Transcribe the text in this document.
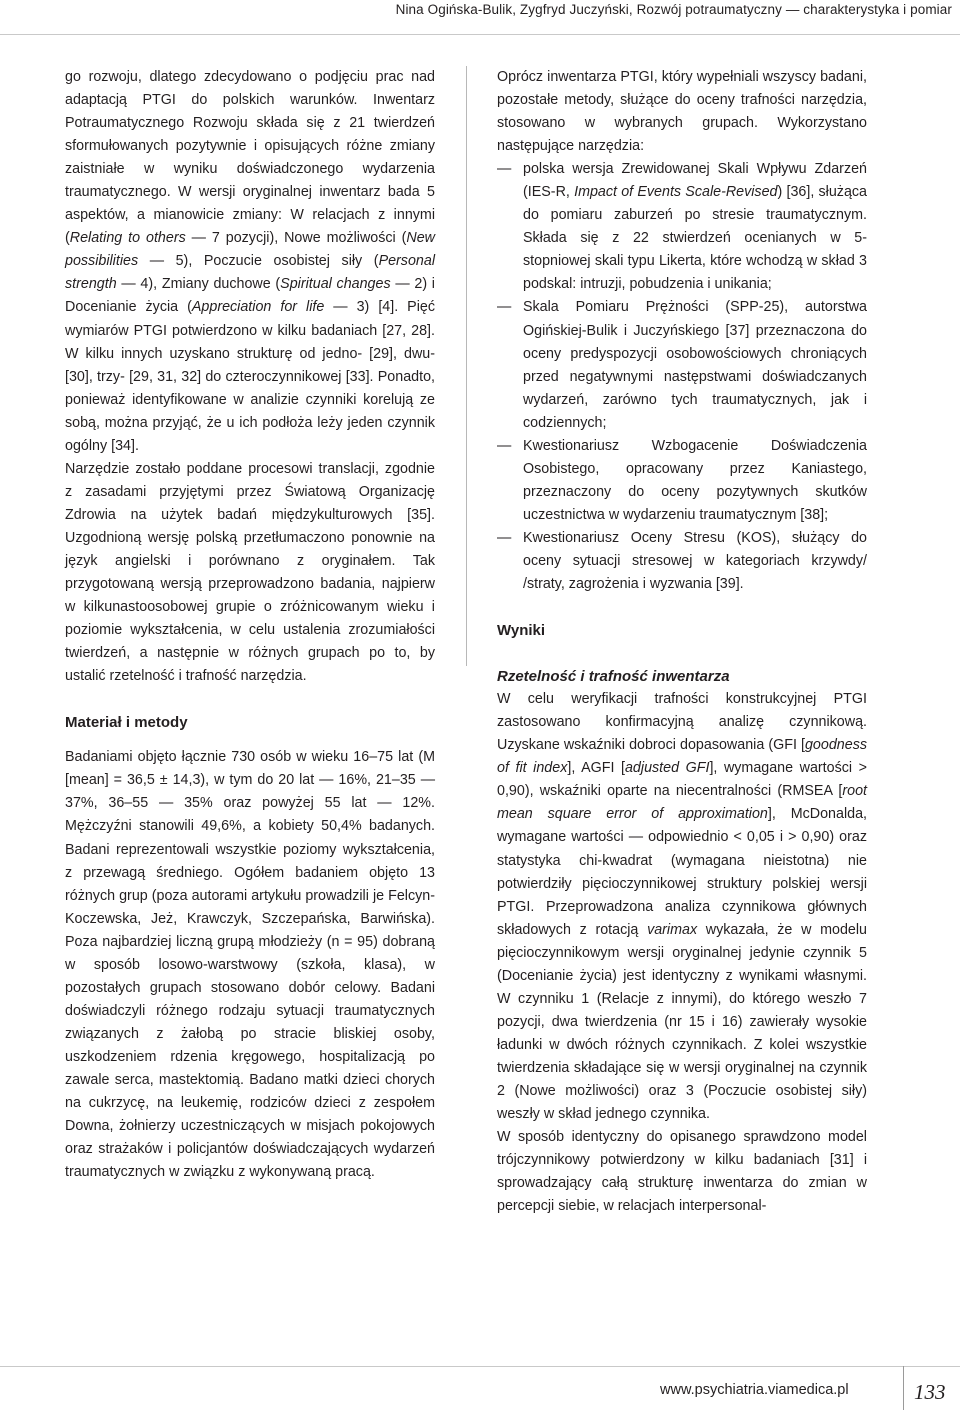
Nina Ogińska-Bulik, Zygfryd Juczyński, Rozwój potraumatyczny — charakterystyka i pomiar

go rozwoju, dlatego zdecydowano o podjęciu prac nad adaptacją PTGI do polskich warunków. Inwentarz Potraumatycznego Rozwoju składa się z 21 twierdzeń sformułowanych pozytywnie i opisujących różne zmiany zaistniałe w wyniku doświadczonego wydarzenia traumatycznego. W wersji oryginalnej inwentarz bada 5 aspektów, a mianowicie zmiany: W relacjach z innymi (Relating to others — 7 pozycji), Nowe możliwości (New possibilities — 5), Poczucie osobistej siły (Personal strength — 4), Zmiany duchowe (Spiritual changes — 2) i Docenianie życia (Appreciation for life — 3) [4]. Pięć wymiarów PTGI potwierdzono w kilku badaniach [27, 28]. W kilku innych uzyskano strukturę od jedno- [29], dwu- [30], trzy- [29, 31, 32] do czteroczynnikowej [33]. Ponadto, ponieważ identyfikowane w analizie czynniki korelują ze sobą, można przyjąć, że u ich podłoża leży jeden czynnik ogólny [34].

Narzędzie zostało poddane procesowi translacji, zgodnie z zasadami przyjętymi przez Światową Organizację Zdrowia na użytek badań międzykulturowych [35]. Uzgodnioną wersję polską przetłumaczono ponownie na język angielski i porównano z oryginałem. Tak przygotowaną wersją przeprowadzono badania, najpierw w kilkunastoosobowej grupie o zróżnicowanym wieku i poziomie wykształcenia, w celu ustalenia zrozumiałości twierdzeń, a następnie w różnych grupach po to, by ustalić rzetelność i trafność narzędzia.

Materiał i metody

Badaniami objęto łącznie 730 osób w wieku 16–75 lat (M [mean] = 36,5 ± 14,3), w tym do 20 lat — 16%, 21–35 — 37%, 36–55 — 35% oraz powyżej 55 lat — 12%. Mężczyźni stanowili 49,6%, a kobiety 50,4% badanych. Badani reprezentowali wszystkie poziomy wykształcenia, z przewagą średniego. Ogółem badaniem objęto 13 różnych grup (poza autorami artykułu prowadzili je Felcyn-Koczewska, Jeż, Krawczyk, Szczepańska, Barwińska). Poza najbardziej liczną grupą młodzieży (n = 95) dobraną w sposób losowo-warstwowy (szkoła, klasa), w pozostałych grupach stosowano dobór celowy. Badani doświadczyli różnego rodzaju sytuacji traumatycznych związanych z żałobą po stracie bliskiej osoby, uszkodzeniem rdzenia kręgowego, hospitalizacją po zawale serca, mastektomią. Badano matki dzieci chorych na cukrzycę, na leukemię, rodziców dzieci z zespołem Downa, żołnierzy uczestniczących w misjach pokojowych oraz strażaków i policjantów doświadczających wydarzeń traumatycznych w związku z wykonywaną pracą.

Oprócz inwentarza PTGI, który wypełniali wszyscy badani, pozostałe metody, służące do oceny trafności narzędzia, stosowano w wybranych grupach. Wykorzystano następujące narzędzia:

— polska wersja Zrewidowanej Skali Wpływu Zdarzeń (IES-R, Impact of Events Scale-Revised) [36], służąca do pomiaru zaburzeń po stresie traumatycznym. Składa się z 22 stwierdzeń ocenianych w 5-stopniowej skali typu Likerta, które wchodzą w skład 3 podskal: intruzji, pobudzenia i unikania;
— Skala Pomiaru Prężności (SPP-25), autorstwa Ogińskiej-Bulik i Juczyńskiego [37] przeznaczona do oceny predyspozycji osobowościowych chroniących przed negatywnymi następstwami doświadczanych wydarzeń, zarówno tych traumatycznych, jak i codziennych;
— Kwestionariusz Wzbogacenie Doświadczenia Osobistego, opracowany przez Kaniastego, przeznaczony do oceny pozytywnych skutków uczestnictwa w wydarzeniu traumatycznym [38];
— Kwestionariusz Oceny Stresu (KOS), służący do oceny sytuacji stresowej w kategoriach krzywdy/ /straty, zagrożenia i wyzwania [39].
Wyniki
Rzetelność i trafność inwentarza

W celu weryfikacji trafności konstrukcyjnej PTGI zastosowano konfirmacyjną analizę czynnikową. Uzyskane wskaźniki dobroci dopasowania (GFI [goodness of fit index], AGFI [adjusted GFI], wymagane wartości > 0,90), wskaźniki oparte na niecentralności (RMSEA [root mean square error of approximation], McDonalda, wymagane wartości — odpowiednio < 0,05 i > 0,90) oraz statystyka chi-kwadrat (wymagana nieistotna) nie potwierdziły pięcioczynnikowej struktury polskiej wersji PTGI. Przeprowadzona analiza czynnikowa głównych składowych z rotacją varimax wykazała, że w modelu pięcioczynnikowym wersji oryginalnej jedynie czynnik 5 (Docenianie życia) jest identyczny z wynikami własnymi. W czynniku 1 (Relacje z innymi), do którego weszło 7 pozycji, dwa twierdzenia (nr 15 i 16) zawierały wysokie ładunki w dwóch różnych czynnikach. Z kolei wszystkie twierdzenia składające się w wersji oryginalnej na czynnik 2 (Nowe możliwości) oraz 3 (Poczucie osobistej siły) weszły w skład jednego czynnika.

W sposób identyczny do opisanego sprawdzono model trójczynnikowy potwierdzony w kilku badaniach [31] i sprowadzający całą strukturę inwentarza do zmian w percepcji siebie, w relacjach interpersonal-

www.psychiatria.viamedica.pl	133
